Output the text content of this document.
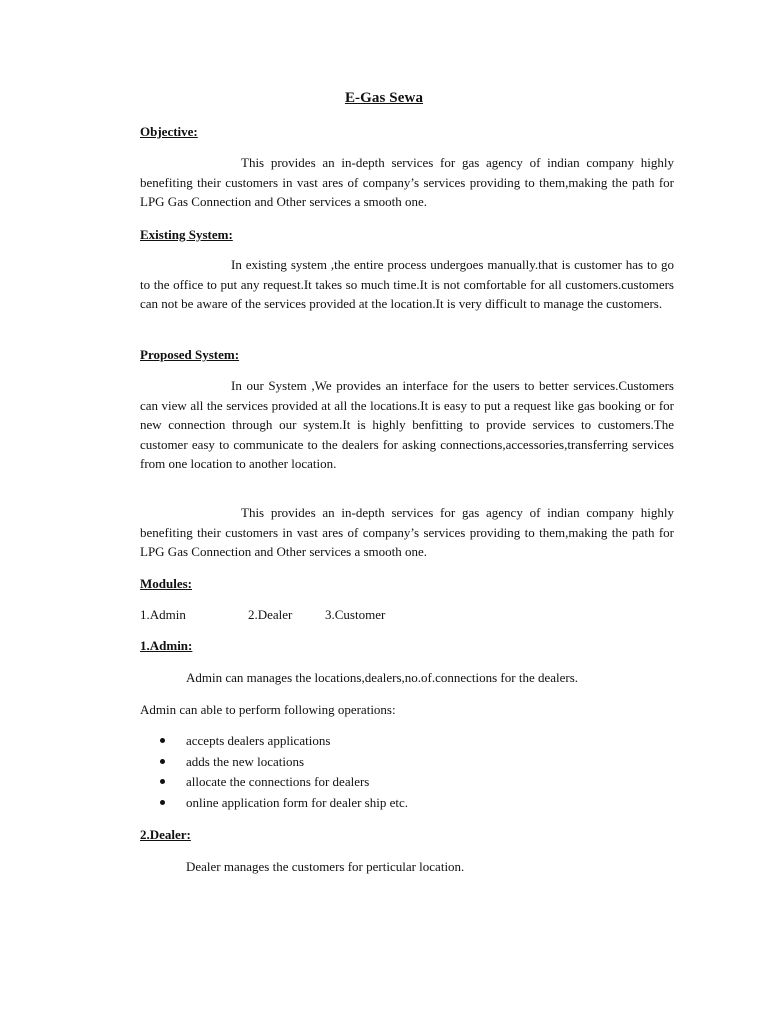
E-Gas Sewa
Objective:
This provides an in-depth services for gas agency of indian company highly benefiting their customers in vast ares of company’s services providing to them,making the path for LPG Gas Connection and Other services a smooth one.
Existing System:
In existing system ,the entire process undergoes manually.that is customer has to go to the office to put any request.It takes so much time.It is not comfortable for all customers.customers can not be aware of the services provided at the location.It is very difficult to manage the customers.
Proposed System:
In our System ,We provides an interface for the users to better services.Customers can view all the services provided at all the locations.It is easy to put a request like gas booking or for new connection through our system.It is highly benfitting to provide services to customers.The customer easy to communicate to the dealers for asking connections,accessories,transferring services from one location to another location.
This provides an in-depth services for gas agency of indian company highly benefiting their customers in vast ares of company’s services providing to them,making the path for LPG Gas Connection and Other services a smooth one.
Modules:
1.Admin	2.Dealer	3.Customer
1.Admin:
Admin can manages the locations,dealers,no.of.connections for the dealers.
Admin can able to perform following operations:
accepts dealers applications
adds the new locations
allocate the connections for dealers
online application form for dealer ship etc.
2.Dealer:
Dealer manages the customers for perticular location.
